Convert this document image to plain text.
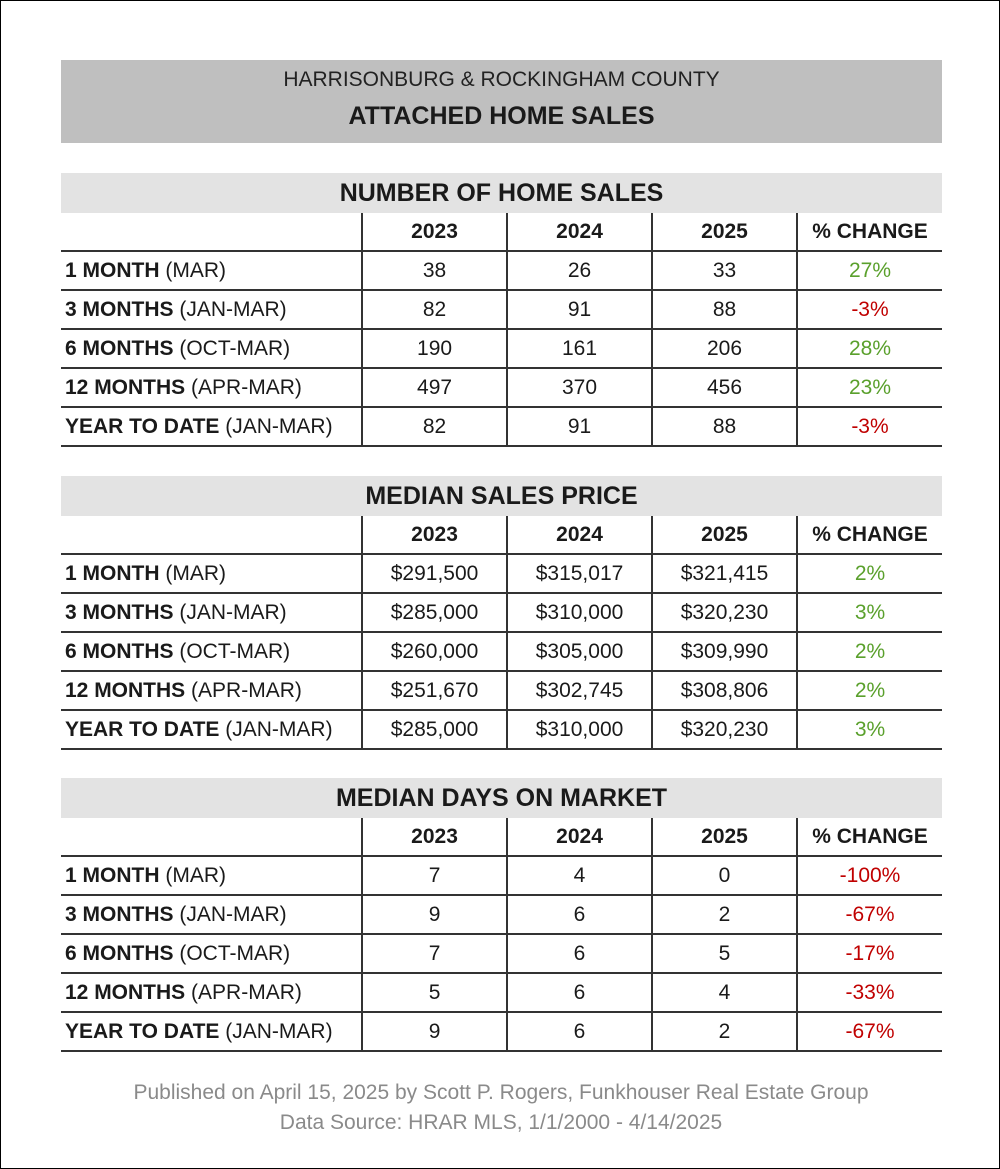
HARRISONBURG & ROCKINGHAM COUNTY
ATTACHED HOME SALES
NUMBER OF HOME SALES
	2023	2024	2025	% CHANGE
1 MONTH (MAR)	38	26	33	27%
3 MONTHS (JAN-MAR)	82	91	88	-3%
6 MONTHS (OCT-MAR)	190	161	206	28%
12 MONTHS (APR-MAR)	497	370	456	23%
YEAR TO DATE (JAN-MAR)	82	91	88	-3%
MEDIAN SALES PRICE
	2023	2024	2025	% CHANGE
1 MONTH (MAR)	$291,500	$315,017	$321,415	2%
3 MONTHS (JAN-MAR)	$285,000	$310,000	$320,230	3%
6 MONTHS (OCT-MAR)	$260,000	$305,000	$309,990	2%
12 MONTHS (APR-MAR)	$251,670	$302,745	$308,806	2%
YEAR TO DATE (JAN-MAR)	$285,000	$310,000	$320,230	3%
MEDIAN DAYS ON MARKET
	2023	2024	2025	% CHANGE
1 MONTH (MAR)	7	4	0	-100%
3 MONTHS (JAN-MAR)	9	6	2	-67%
6 MONTHS (OCT-MAR)	7	6	5	-17%
12 MONTHS (APR-MAR)	5	6	4	-33%
YEAR TO DATE (JAN-MAR)	9	6	2	-67%
Published on April 15, 2025 by Scott P. Rogers, Funkhouser Real Estate Group
Data Source: HRAR MLS, 1/1/2000 - 4/14/2025
